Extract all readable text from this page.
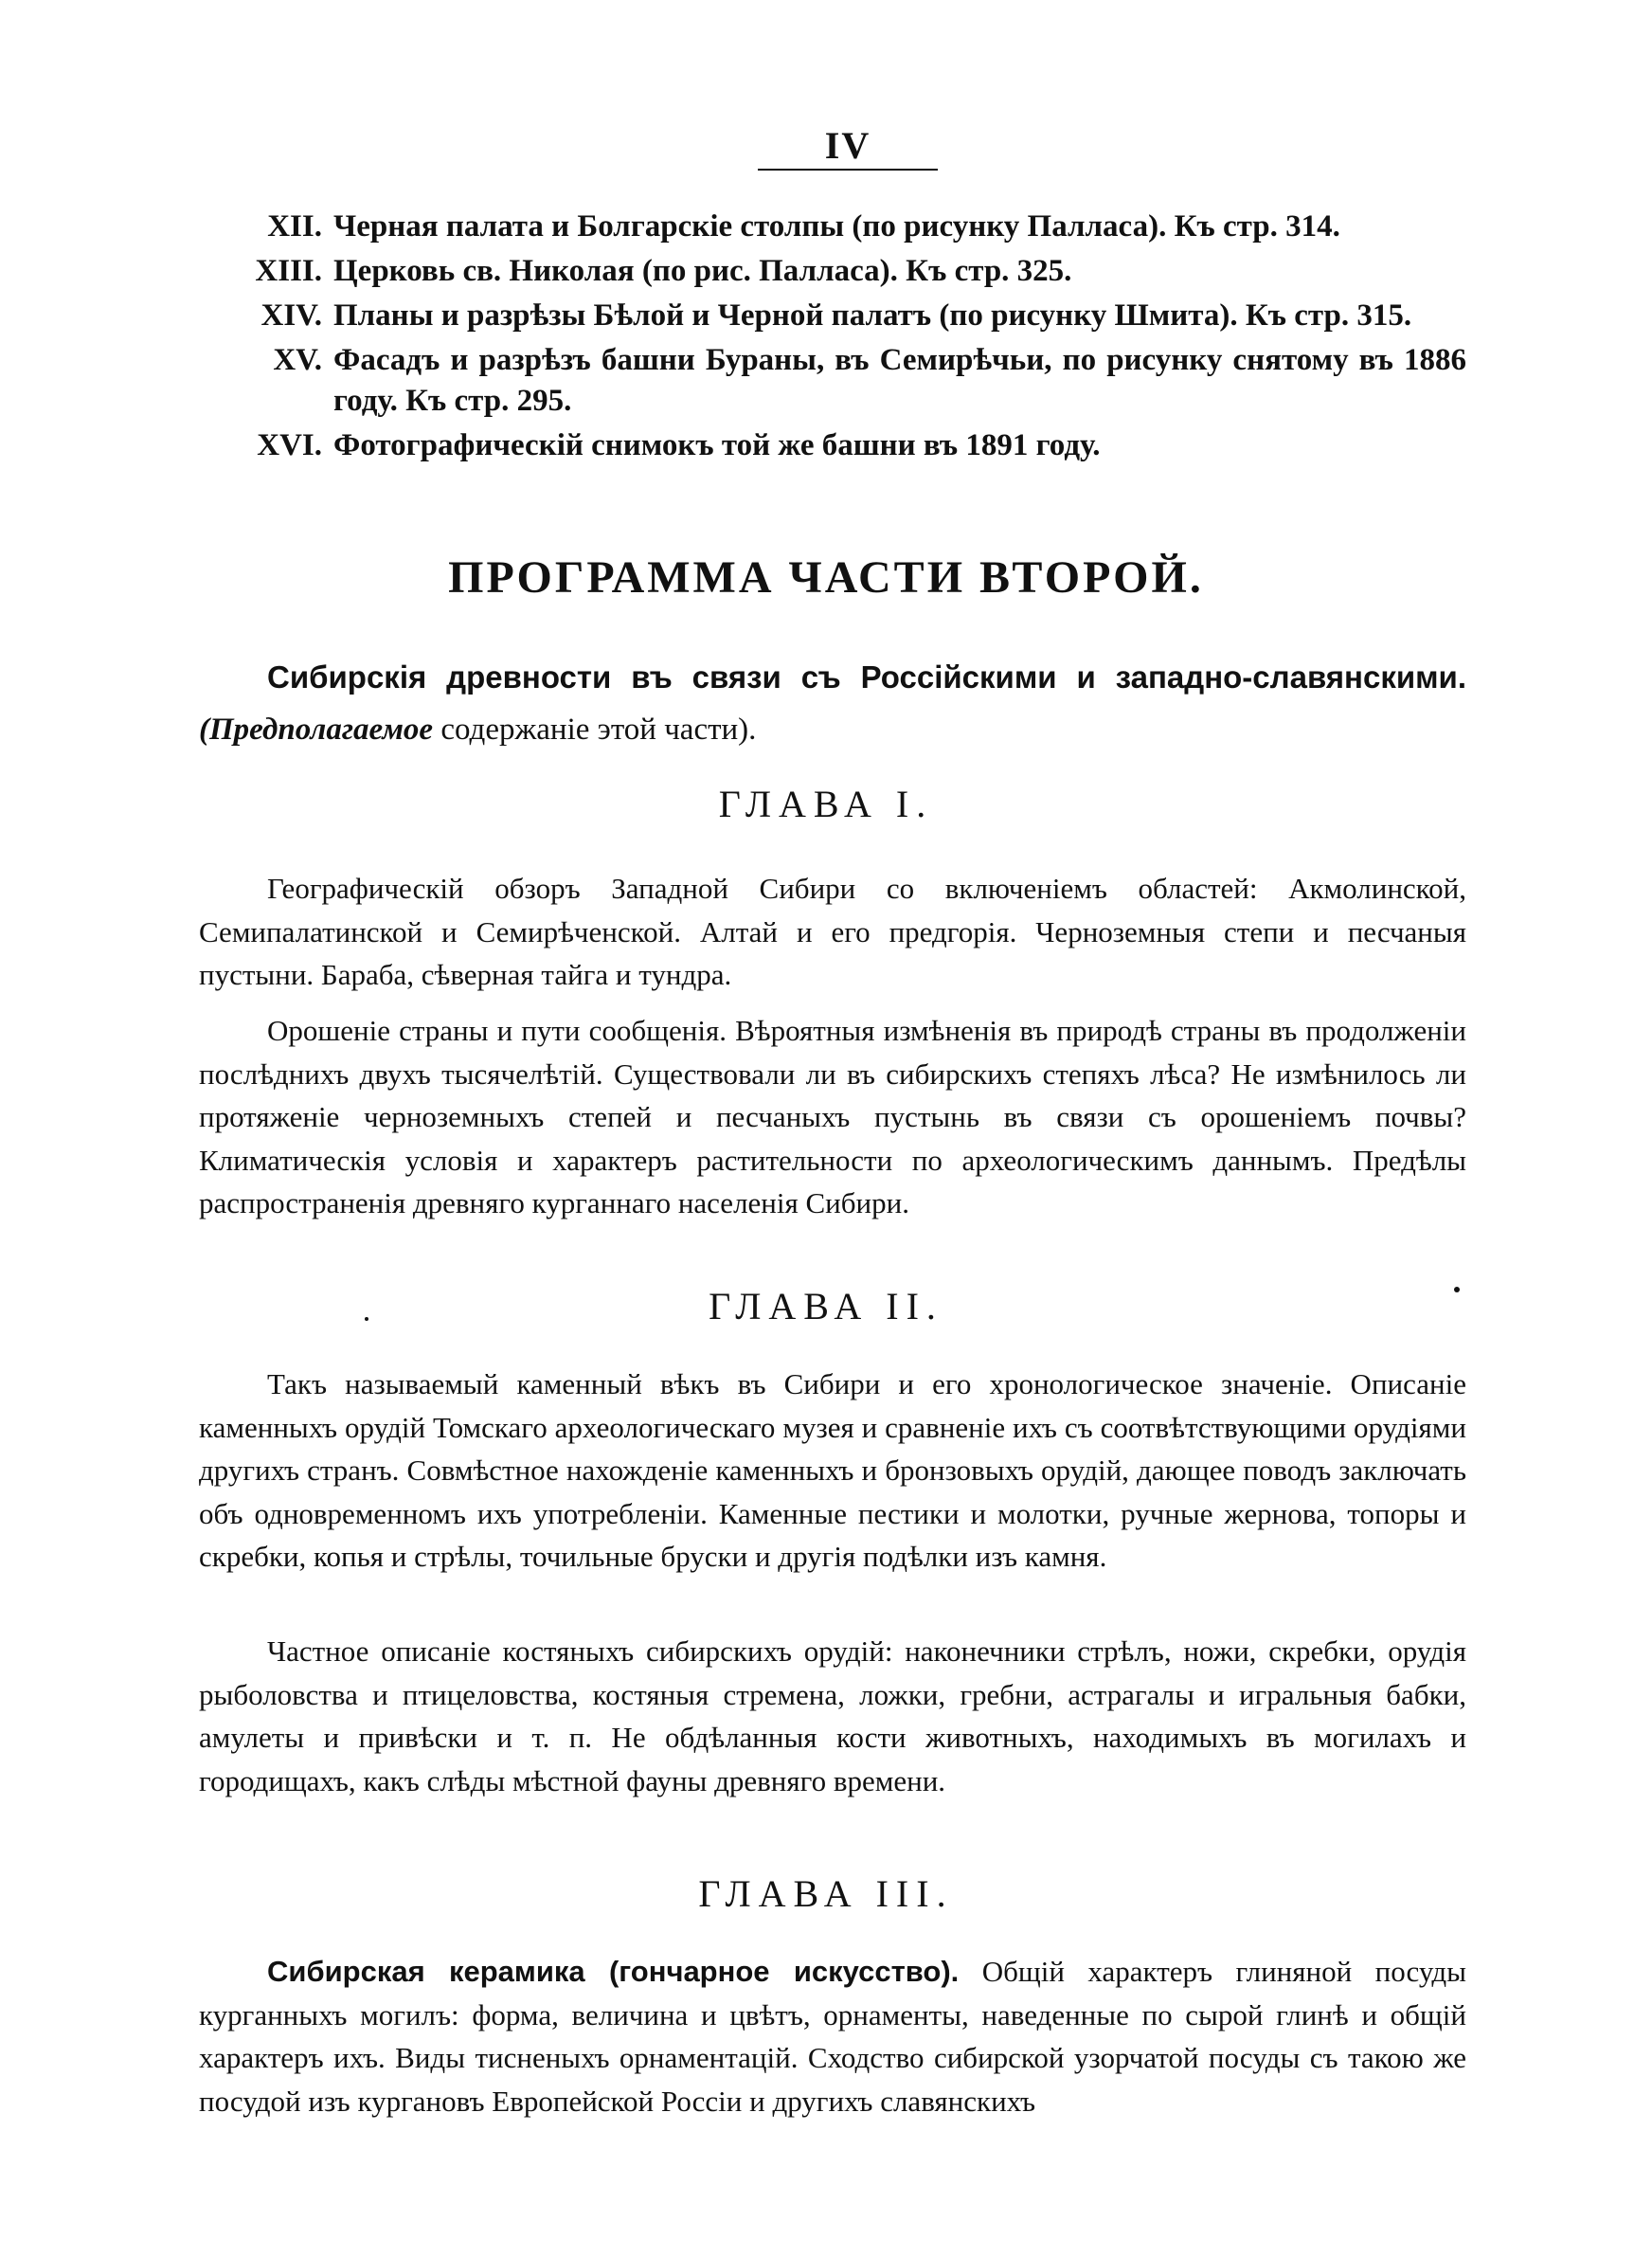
IV
XII. Черная палата и Болгарскіе столпы (по рисунку Палласа). Къ стр. 314.
XIII. Церковь св. Николая (по рис. Палласа). Къ стр. 325.
XIV. Планы и разрѣзы Бѣлой и Черной палатъ (по рисунку Шмита). Къ стр. 315.
XV. Фасадъ и разрѣзъ башни Бураны, въ Семирѣчьи, по рисунку снятому въ 1886 году. Къ стр. 295.
XVI. Фотографическій снимокъ той же башни въ 1891 году.
ПРОГРАММА ЧАСТИ ВТОРОЙ.
Сибирскія древности въ связи съ Россійскими и западно-славянскими. (Предполагаемое содержаніе этой части).
ГЛАВА I.
Географическій обзоръ Западной Сибири со включеніемъ областей: Акмолинской, Семипалатинской и Семирѣченской. Алтай и его предгорія. Черноземныя степи и песчаныя пустыни. Бараба, сѣверная тайга и тундра.
Орошеніе страны и пути сообщенія. Вѣроятныя измѣненія въ природѣ страны въ продолженіи послѣднихъ двухъ тысячелѣтій. Существовали ли въ сибирскихъ степяхъ лѣса? Не измѣнилось ли протяженіе черноземныхъ степей и песчаныхъ пустынь въ связи съ орошеніемъ почвы? Климатическія условія и характеръ растительности по археологическимъ даннымъ. Предѣлы распространенія древняго курганнаго населенія Сибири.
ГЛАВА II.
Такъ называемый каменный вѣкъ въ Сибири и его хронологическое значеніе. Описаніе каменныхъ орудій Томскаго археологическаго музея и сравненіе ихъ съ соотвѣтствующими орудіями другихъ странъ. Совмѣстное нахожденіе каменныхъ и бронзовыхъ орудій, дающее поводъ заключать объ одновременномъ ихъ употребленіи. Каменные пестики и молотки, ручные жернова, топоры и скребки, копья и стрѣлы, точильные бруски и другія подѣлки изъ камня.
Частное описаніе костяныхъ сибирскихъ орудій: наконечники стрѣлъ, ножи, скребки, орудія рыболовства и птицеловства, костяныя стремена, ложки, гребни, астрагалы и игральныя бабки, амулеты и привѣски и т. п. Не обдѣланныя кости животныхъ, находимыхъ въ могилахъ и городищахъ, какъ слѣды мѣстной фауны древняго времени.
ГЛАВА III.
Сибирская керамика (гончарное искусство). Общій характеръ глиняной посуды курганныхъ могилъ: форма, величина и цвѣтъ, орнаменты, наведенные по сырой глинѣ и общій характеръ ихъ. Виды тисненыхъ орнаментацій. Сходство сибирской узорчатой посуды съ такою же посудой изъ кургановъ Европейской Россіи и другихъ славянскихъ
